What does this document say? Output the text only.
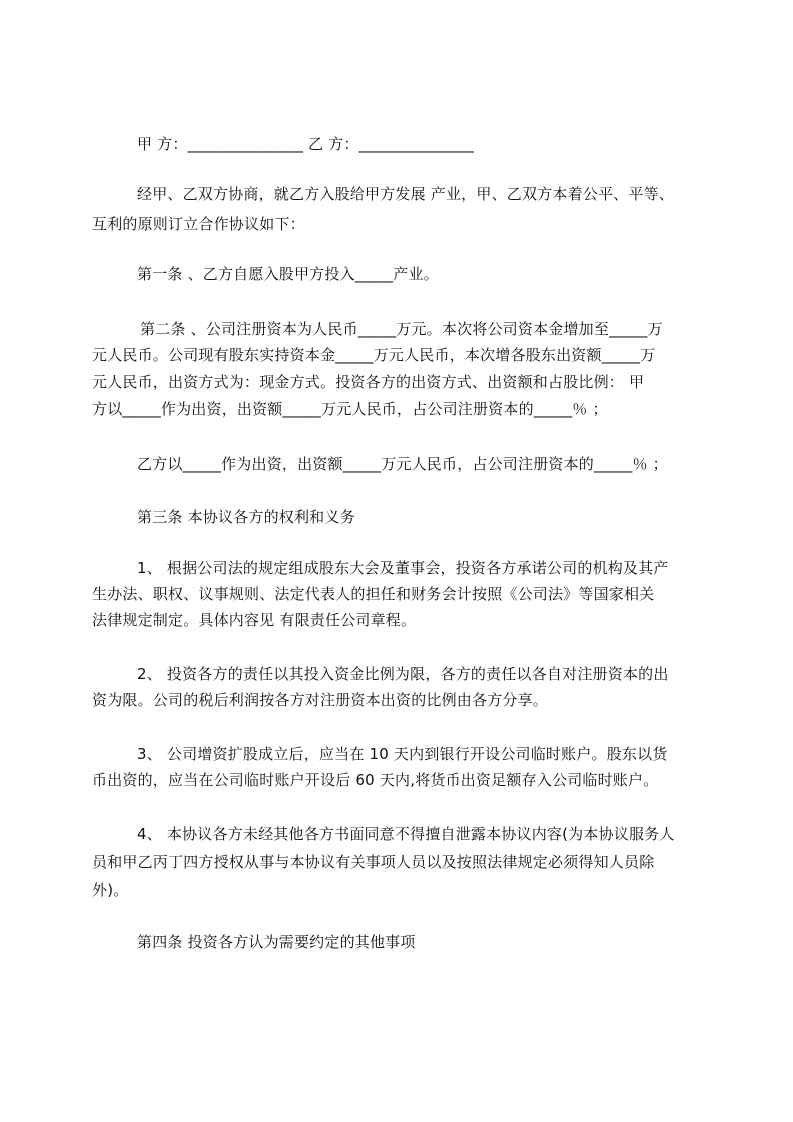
甲 方：_______________ 乙 方：_______________
经甲、乙双方协商，就乙方入股给甲方发展 产业，甲、乙双方本着公平、平等、
互利的原则订立合作协议如下：
第一条 、乙方自愿入股甲方投入_____产业。
第二条 、公司注册资本为人民币_____万元。本次将公司资本金增加至_____万
元人民币。公司现有股东实持资本金_____万元人民币，本次增各股东出资额_____万
元人民币，出资方式为：现金方式。投资各方的出资方式、出资额和占股比例： 甲
方以_____作为出资，出资额_____万元人民币，占公司注册资本的_____％ ；
乙方以_____作为出资，出资额_____万元人民币，占公司注册资本的_____％ ；
第三条 本协议各方的权利和义务
1、 根据公司法的规定组成股东大会及董事会，投资各方承诺公司的机构及其产
生办法、职权、议事规则、法定代表人的担任和财务会计按照《公司法》等国家相关
法律规定制定。具体内容见 有限责任公司章程。
2、 投资各方的责任以其投入资金比例为限，各方的责任以各自对注册资本的出
资为限。公司的税后利润按各方对注册资本出资的比例由各方分享。
3、 公司增资扩股成立后，应当在 10 天内到银行开设公司临时账户。股东以货
币出资的，应当在公司临时账户开设后 60 天内,将货币出资足额存入公司临时账户。
4、 本协议各方未经其他各方书面同意不得擅自泄露本协议内容(为本协议服务人
员和甲乙丙丁四方授权从事与本协议有关事项人员以及按照法律规定必须得知人员除
外)。
第四条 投资各方认为需要约定的其他事项
